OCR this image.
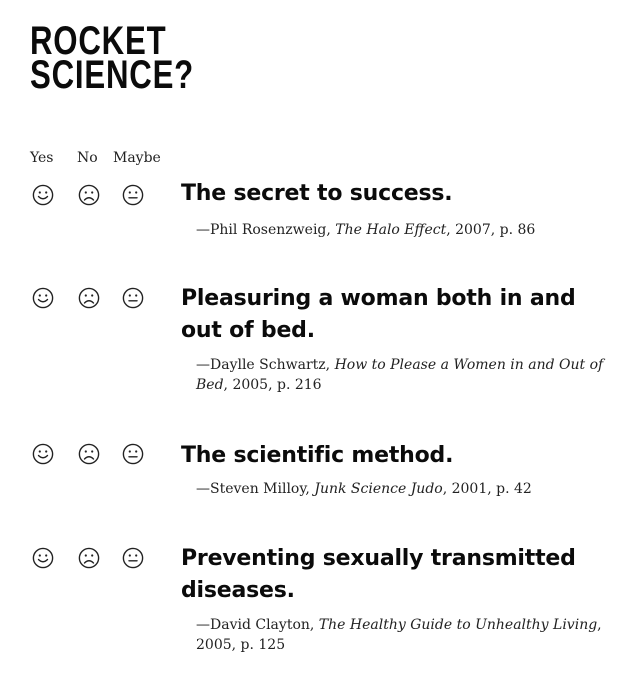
ROCKET
SCIENCE?
Yes No Maybe
The secret to success.
—Phil Rosenzweig, The Halo Effect, 2007, p. 86
Pleasuring a woman both in and out of bed.
—Daylle Schwartz, How to Please a Women in and Out of Bed, 2005, p. 216
The scientific method.
—Steven Milloy, Junk Science Judo, 2001, p. 42
Preventing sexually transmitted diseases.
—David Clayton, The Healthy Guide to Unhealthy Living, 2005, p. 125
